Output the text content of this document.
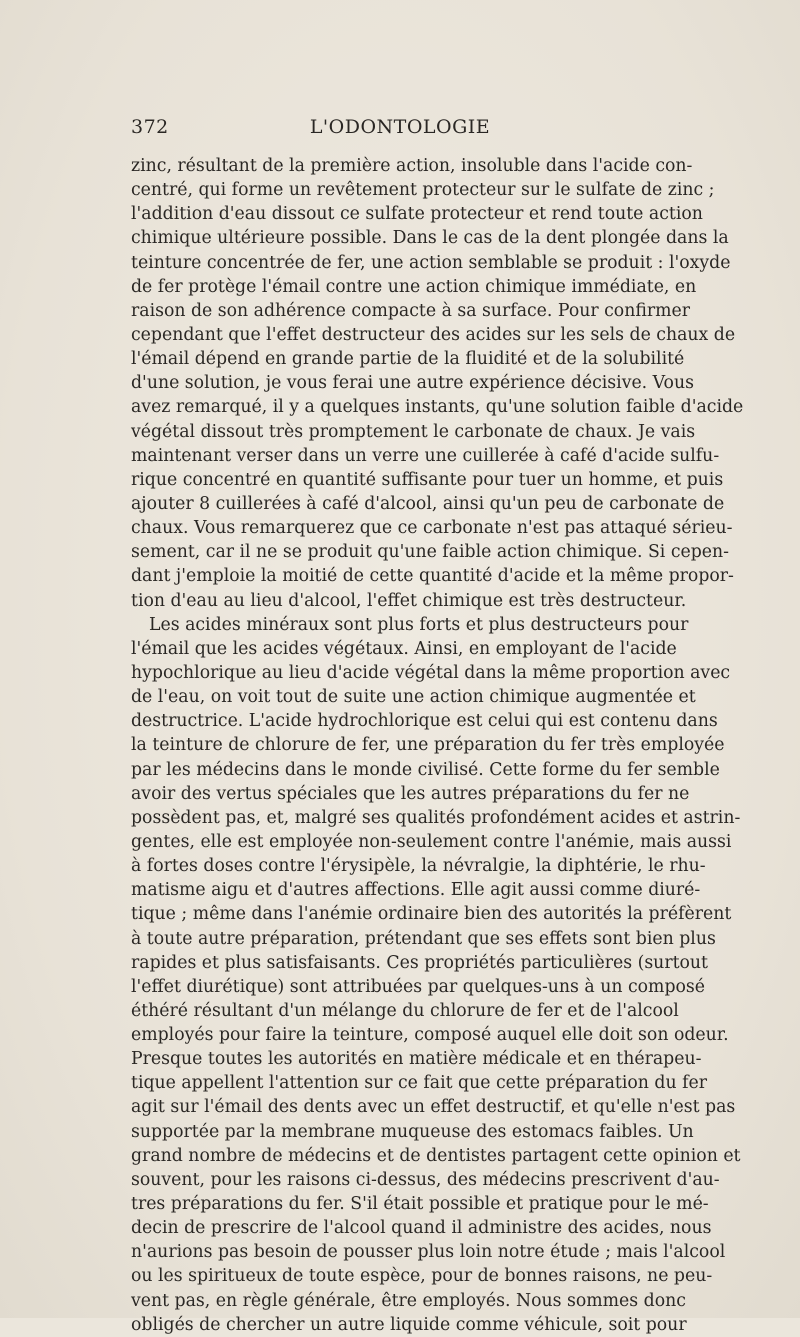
372	L'ODONTOLOGIE
zinc, résultant de la première action, insoluble dans l'acide con-
centré, qui forme un revêtement protecteur sur le sulfate de zinc ;
l'addition d'eau dissout ce sulfate protecteur et rend toute action
chimique ultérieure possible. Dans le cas de la dent plongée dans la
teinture concentrée de fer, une action semblable se produit : l'oxyde
de fer protège l'émail contre une action chimique immédiate, en
raison de son adhérence compacte à sa surface. Pour confirmer
cependant que l'effet destructeur des acides sur les sels de chaux de
l'émail dépend en grande partie de la fluidité et de la solubilité
d'une solution, je vous ferai une autre expérience décisive. Vous
avez remarqué, il y a quelques instants, qu'une solution faible d'acide
végétal dissout très promptement le carbonate de chaux. Je vais
maintenant verser dans un verre une cuillerée à café d'acide sulfu-
rique concentré en quantité suffisante pour tuer un homme, et puis
ajouter 8 cuillerées à café d'alcool, ainsi qu'un peu de carbonate de
chaux. Vous remarquerez que ce carbonate n'est pas attaqué sérieu-
sement, car il ne se produit qu'une faible action chimique. Si cepen-
dant j'emploie la moitié de cette quantité d'acide et la même propor-
tion d'eau au lieu d'alcool, l'effet chimique est très destructeur.
Les acides minéraux sont plus forts et plus destructeurs pour
l'émail que les acides végétaux. Ainsi, en employant de l'acide
hypochlorique au lieu d'acide végétal dans la même proportion avec
de l'eau, on voit tout de suite une action chimique augmentée et
destructrice. L'acide hydrochlorique est celui qui est contenu dans
la teinture de chlorure de fer, une préparation du fer très employée
par les médecins dans le monde civilisé. Cette forme du fer semble
avoir des vertus spéciales que les autres préparations du fer ne
possèdent pas, et, malgré ses qualités profondément acides et astrin-
gentes, elle est employée non-seulement contre l'anémie, mais aussi
à fortes doses contre l'érysipèle, la névralgie, la diphtérie, le rhu-
matisme aigu et d'autres affections. Elle agit aussi comme diuré-
tique ; même dans l'anémie ordinaire bien des autorités la préfèrent
à toute autre préparation, prétendant que ses effets sont bien plus
rapides et plus satisfaisants. Ces propriétés particulières (surtout
l'effet diurétique) sont attribuées par quelques-uns à un composé
éthéré résultant d'un mélange du chlorure de fer et de l'alcool
employés pour faire la teinture, composé auquel elle doit son odeur.
Presque toutes les autorités en matière médicale et en thérapeu-
tique appellent l'attention sur ce fait que cette préparation du fer
agit sur l'émail des dents avec un effet destructif, et qu'elle n'est pas
supportée par la membrane muqueuse des estomacs faibles. Un
grand nombre de médecins et de dentistes partagent cette opinion et
souvent, pour les raisons ci-dessus, des médecins prescrivent d'au-
tres préparations du fer. S'il était possible et pratique pour le mé-
decin de prescrire de l'alcool quand il administre des acides, nous
n'aurions pas besoin de pousser plus loin notre étude ; mais l'alcool
ou les spiritueux de toute espèce, pour de bonnes raisons, ne peu-
vent pas, en règle générale, être employés. Nous sommes donc
obligés de chercher un autre liquide comme véhicule, soit pour
